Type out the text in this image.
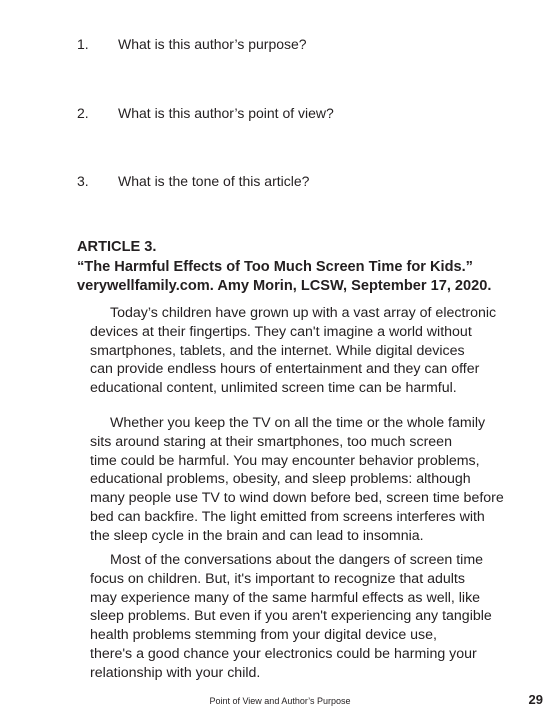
1. What is this author’s purpose?
2. What is this author’s point of view?
3. What is the tone of this article?
ARTICLE 3.
“The Harmful Effects of Too Much Screen Time for Kids.”
verywellfamily.com. Amy Morin, LCSW, September 17, 2020.
Today’s children have grown up with a vast array of electronic
devices at their fingertips. They can't imagine a world without
smartphones, tablets, and the internet. While digital devices
can provide endless hours of entertainment and they can offer
educational content, unlimited screen time can be harmful.
Whether you keep the TV on all the time or the whole family
sits around staring at their smartphones, too much screen
time could be harmful. You may encounter behavior problems,
educational problems, obesity, and sleep problems: although
many people use TV to wind down before bed, screen time before
bed can backfire. The light emitted from screens interferes with
the sleep cycle in the brain and can lead to insomnia.
Most of the conversations about the dangers of screen time
focus on children. But, it's important to recognize that adults
may experience many of the same harmful effects as well, like
sleep problems. But even if you aren't experiencing any tangible
health problems stemming from your digital device use,
there's a good chance your electronics could be harming your
relationship with your child.
Point of View and Author’s Purpose	29
